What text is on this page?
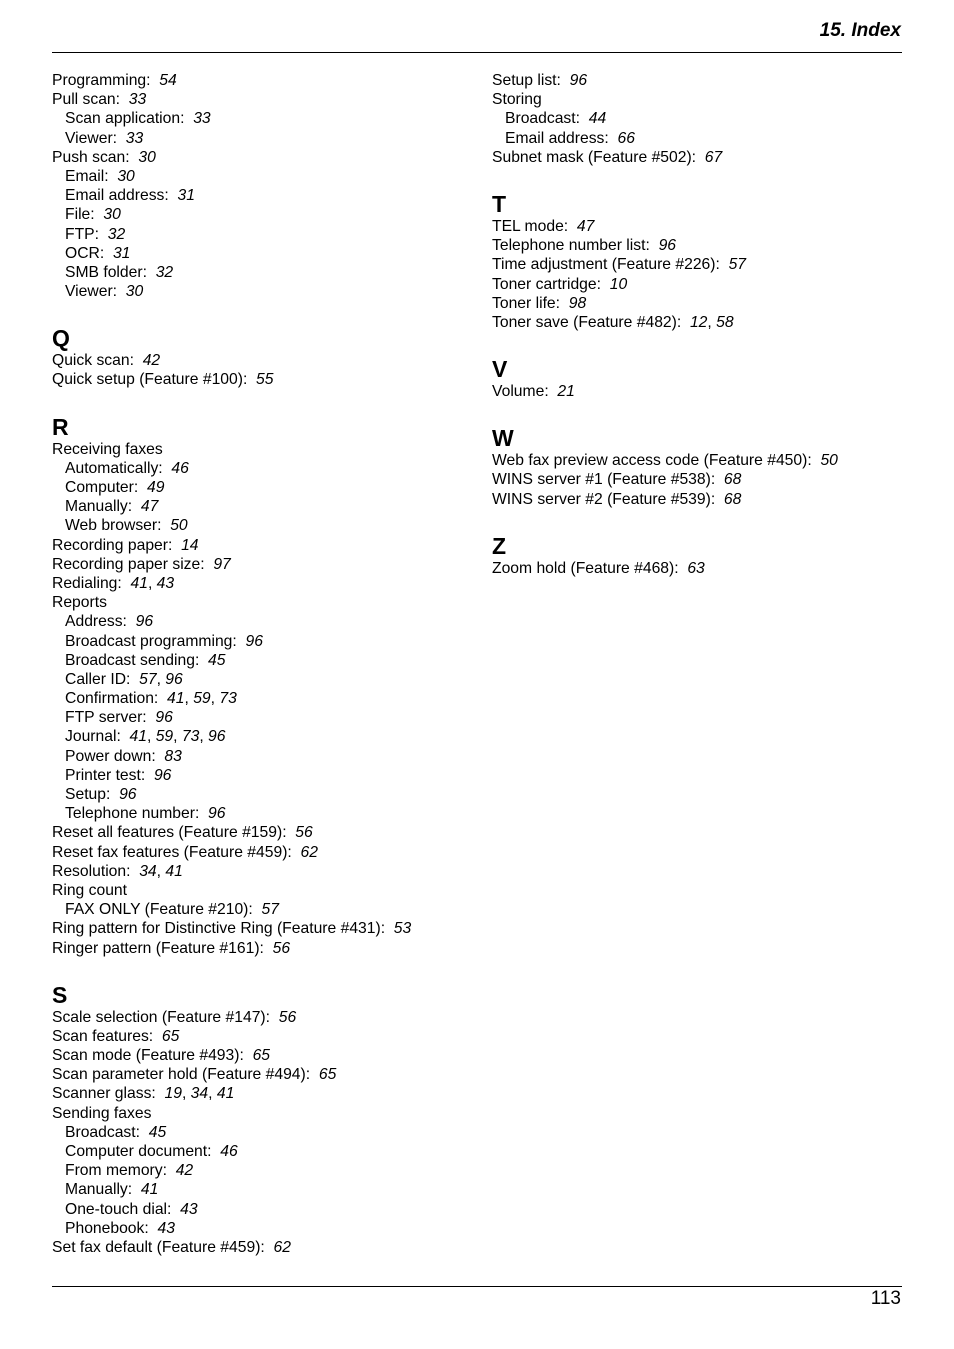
15. Index
Programming: 54
Pull scan: 33
Scan application: 33
Viewer: 33
Push scan: 30
Email: 30
Email address: 31
File: 30
FTP: 32
OCR: 31
SMB folder: 32
Viewer: 30
Q
Quick scan: 42
Quick setup (Feature #100): 55
R
Receiving faxes
Automatically: 46
Computer: 49
Manually: 47
Web browser: 50
Recording paper: 14
Recording paper size: 97
Redialing: 41, 43
Reports
Address: 96
Broadcast programming: 96
Broadcast sending: 45
Caller ID: 57, 96
Confirmation: 41, 59, 73
FTP server: 96
Journal: 41, 59, 73, 96
Power down: 83
Printer test: 96
Setup: 96
Telephone number: 96
Reset all features (Feature #159): 56
Reset fax features (Feature #459): 62
Resolution: 34, 41
Ring count
FAX ONLY (Feature #210): 57
Ring pattern for Distinctive Ring (Feature #431): 53
Ringer pattern (Feature #161): 56
S
Scale selection (Feature #147): 56
Scan features: 65
Scan mode (Feature #493): 65
Scan parameter hold (Feature #494): 65
Scanner glass: 19, 34, 41
Sending faxes
Broadcast: 45
Computer document: 46
From memory: 42
Manually: 41
One-touch dial: 43
Phonebook: 43
Set fax default (Feature #459): 62
Setup list: 96
Storing
Broadcast: 44
Email address: 66
Subnet mask (Feature #502): 67
T
TEL mode: 47
Telephone number list: 96
Time adjustment (Feature #226): 57
Toner cartridge: 10
Toner life: 98
Toner save (Feature #482): 12, 58
V
Volume: 21
W
Web fax preview access code (Feature #450): 50
WINS server #1 (Feature #538): 68
WINS server #2 (Feature #539): 68
Z
Zoom hold (Feature #468): 63
113
